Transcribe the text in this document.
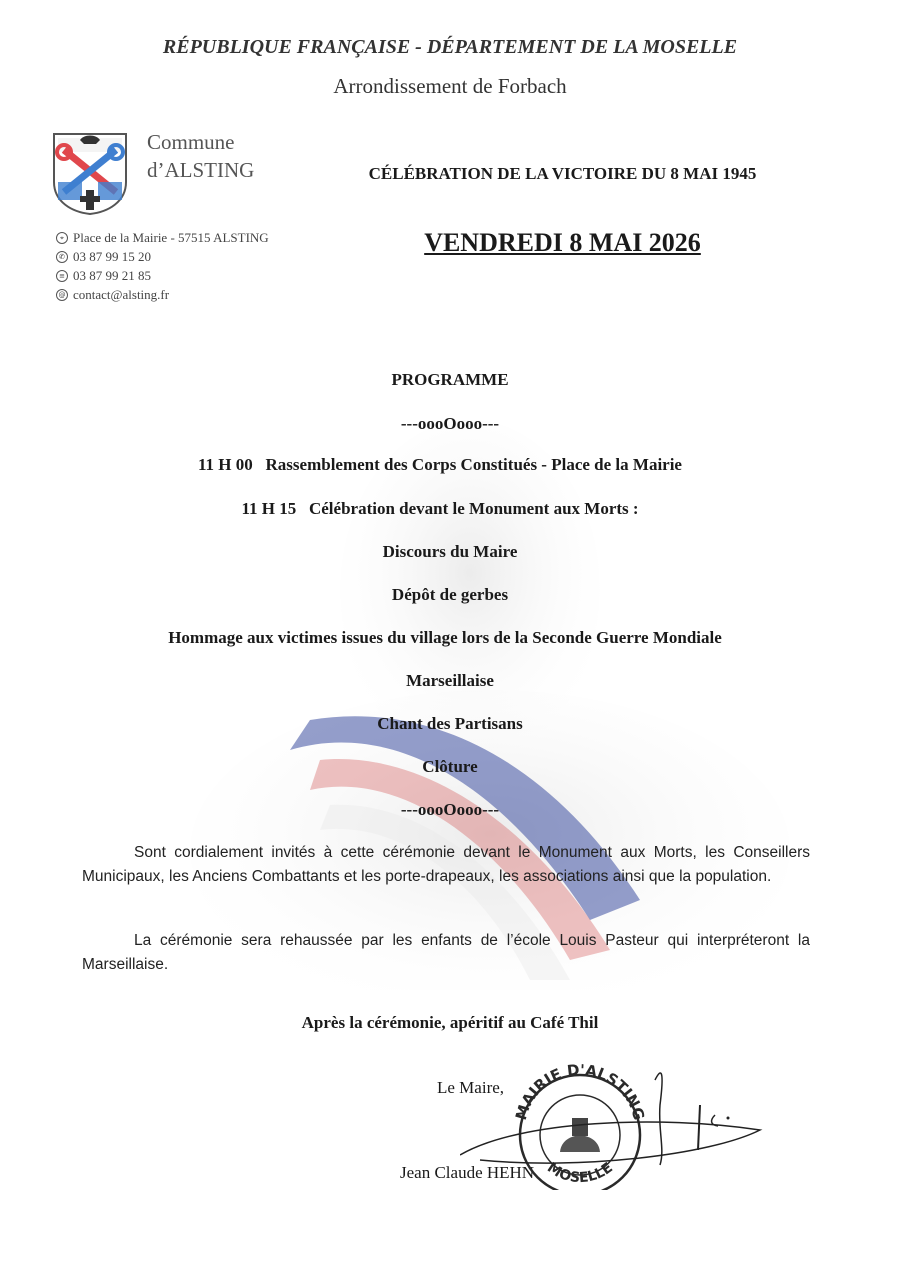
RÉPUBLIQUE FRANÇAISE - DÉPARTEMENT DE LA MOSELLE
Arrondissement de Forbach
Commune
d’ALSTING
⌖ Place de la Mairie - 57515 ALSTING
✆ 03 87 99 15 20
≡ 03 87 99 21 85
@ contact@alsting.fr
CÉLÉBRATION DE LA VICTOIRE DU 8 MAI 1945
VENDREDI 8 MAI 2026
PROGRAMME
---oooOooo---
11 H 00   Rassemblement des Corps Constitués - Place de la Mairie
11 H 15   Célébration devant le Monument aux Morts :
Discours du Maire
Dépôt de gerbes
Hommage aux victimes issues du village lors de la Seconde Guerre Mondiale
Marseillaise
Chant des Partisans
Clôture
---oooOooo---
Sont cordialement invités à cette cérémonie devant le Monument aux Morts, les Conseillers Municipaux, les Anciens Combattants et les porte-drapeaux, les associations ainsi que la population.
La cérémonie sera rehaussée par les enfants de l’école Louis Pasteur qui interpréteront la Marseillaise.
Après la cérémonie, apéritif au Café Thil
Le Maire,
Jean Claude HEHN
MAIRIE D'ALSTING
MOSELLE
